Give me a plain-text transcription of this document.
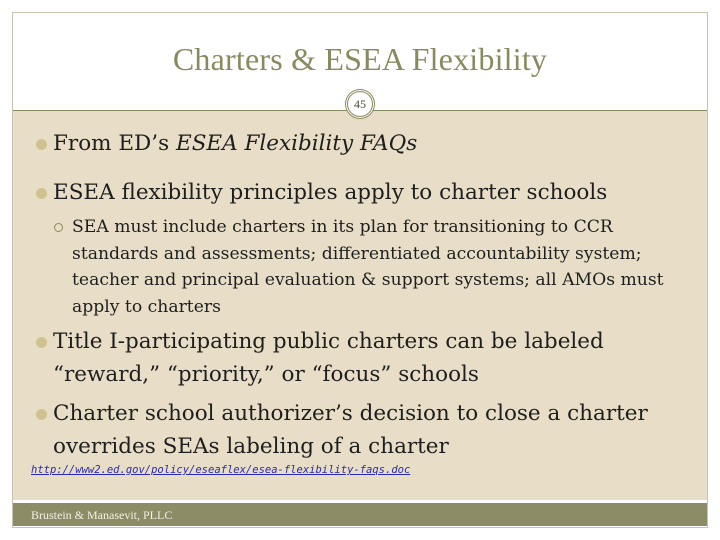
Charters & ESEA Flexibility
45
From ED’s ESEA Flexibility FAQs
ESEA flexibility principles apply to charter schools
SEA must include charters in its plan for transitioning to CCR standards and assessments; differentiated accountability system; teacher and principal evaluation & support systems; all AMOs must apply to charters
Title I-participating public charters can be labeled “reward,” “priority,” or “focus” schools
Charter school authorizer’s decision to close a charter overrides SEAs labeling of a charter
http://www2.ed.gov/policy/eseaflex/esea-flexibility-faqs.doc
Brustein & Manasevit, PLLC
